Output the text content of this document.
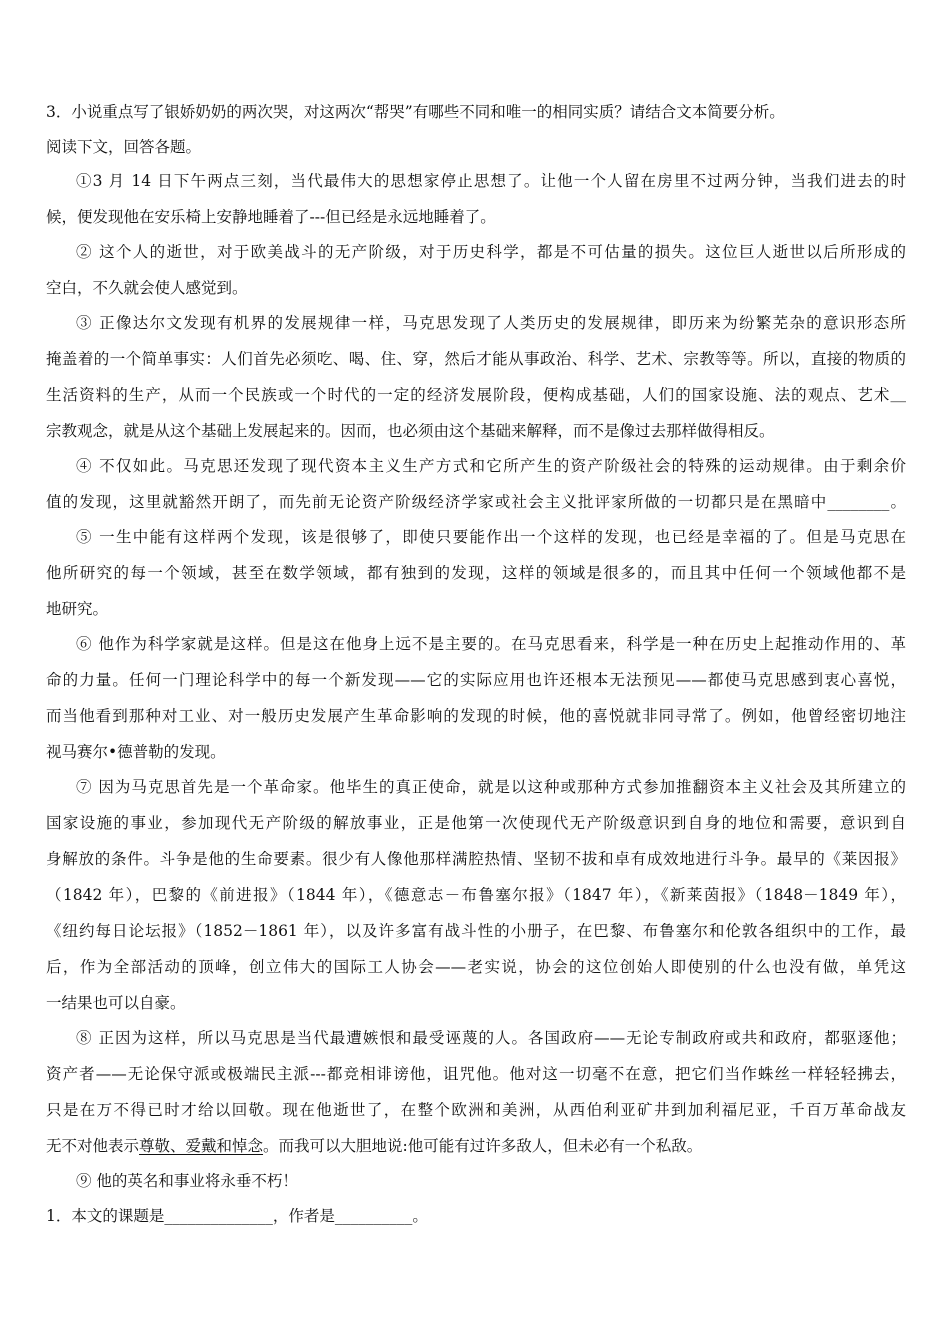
3．小说重点写了银娇奶奶的两次哭，对这两次“帮哭”有哪些不同和唯一的相同实质？请结合文本简要分析。
阅读下文，回答各题。
①3 月 14 日下午两点三刻，当代最伟大的思想家停止思想了。让他一个人留在房里不过两分钟，当我们进去的时
候，便发现他在安乐椅上安静地睡着了---但已经是永远地睡着了。
② 这个人的逝世，对于欧美战斗的无产阶级，对于历史科学，都是不可估量的损失。这位巨人逝世以后所形成的
空白，不久就会使人感觉到。
③ 正像达尔文发现有机界的发展规律一样，马克思发现了人类历史的发展规律，即历来为纷繁芜杂的意识形态所
掩盖着的一个简单事实：人们首先必须吃、喝、住、穿，然后才能从事政治、科学、艺术、宗教等等。所以，直接的物质的
生活资料的生产，从而一个民族或一个时代的一定的经济发展阶段，便构成基础，人们的国家设施、法的观点、艺术＿
宗教观念，就是从这个基础上发展起来的。因而，也必须由这个基础来解释，而不是像过去那样做得相反。
④ 不仅如此。马克思还发现了现代资本主义生产方式和它所产生的资产阶级社会的特殊的运动规律。由于剩余价
值的发现，这里就豁然开朗了，而先前无论资产阶级经济学家或社会主义批评家所做的一切都只是在黑暗中________。
⑤ 一生中能有这样两个发现，该是很够了，即使只要能作出一个这样的发现，也已经是幸福的了。但是马克思在
他所研究的每一个领域，甚至在数学领域，都有独到的发现，这样的领域是很多的，而且其中任何一个领域他都不是
地研究。
⑥ 他作为科学家就是这样。但是这在他身上远不是主要的。在马克思看来，科学是一种在历史上起推动作用的、革
命的力量。任何一门理论科学中的每一个新发现——它的实际应用也许还根本无法预见——都使马克思感到衷心喜悦，
而当他看到那种对工业、对一般历史发展产生革命影响的发现的时候，他的喜悦就非同寻常了。例如，他曾经密切地注
视马赛尔•德普勒的发现。
⑦ 因为马克思首先是一个革命家。他毕生的真正使命，就是以这种或那种方式参加推翻资本主义社会及其所建立的
国家设施的事业，参加现代无产阶级的解放事业，正是他第一次使现代无产阶级意识到自身的地位和需要，意识到自
身解放的条件。斗争是他的生命要素。很少有人像他那样满腔热情、坚韧不拔和卓有成效地进行斗争。最早的《莱因报》
（1842 年），巴黎的《前进报》（1844 年），《德意志－布鲁塞尔报》（1847 年），《新莱茵报》（1848－1849 年），
《纽约每日论坛报》（1852－1861 年），以及许多富有战斗性的小册子，在巴黎、布鲁塞尔和伦敦各组织中的工作，最
后，作为全部活动的顶峰，创立伟大的国际工人协会——老实说，协会的这位创始人即使别的什么也没有做，单凭这
一结果也可以自豪。
⑧ 正因为这样，所以马克思是当代最遭嫉恨和最受诬蔑的人。各国政府——无论专制政府或共和政府，都驱逐他；
资产者——无论保守派或极端民主派---都竞相诽谤他，诅咒他。他对这一切毫不在意，把它们当作蛛丝一样轻轻拂去，
只是在万不得已时才给以回敬。现在他逝世了，在整个欧洲和美洲，从西伯利亚矿井到加利福尼亚，千百万革命战友
无不对他表示尊敬、爱戴和悼念。而我可以大胆地说:他可能有过许多敌人，但未必有一个私敌。
⑨ 他的英名和事业将永垂不朽！
1．本文的课题是______________，作者是__________。
